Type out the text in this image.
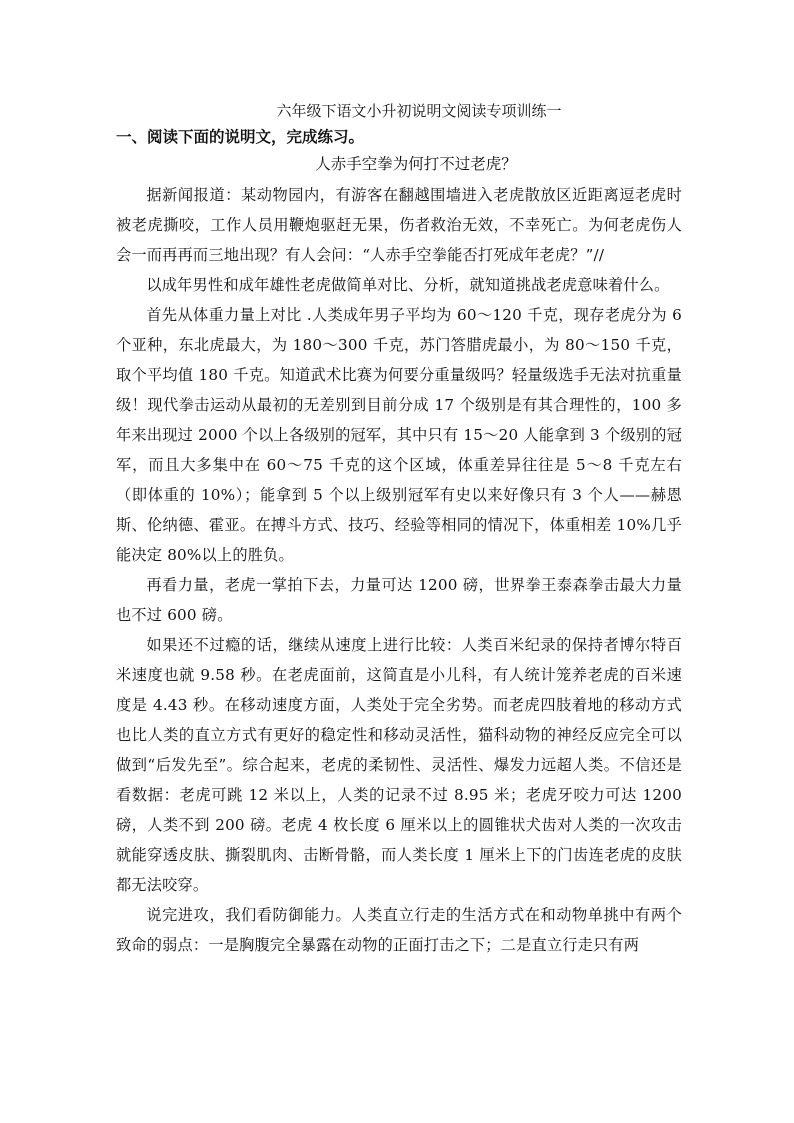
六年级下语文小升初说明文阅读专项训练一
一、阅读下面的说明文，完成练习。
人赤手空拳为何打不过老虎？

据新闻报道：某动物园内，有游客在翻越围墙进入老虎散放区近距离逗老虎时被老虎撕咬，工作人员用鞭炮驱赶无果，伤者救治无效，不幸死亡。为何老虎伤人会一而再再而三地出现？有人会问：“人赤手空拳能否打死成年老虎？”//

以成年男性和成年雄性老虎做简单对比、分析，就知道挑战老虎意味着什么。

首先从体重力量上对比 .人类成年男子平均为 60～120 千克，现存老虎分为 6 个亚种，东北虎最大，为 180～300 千克，苏门答腊虎最小，为 80～150 千克，取个平均值 180 千克。知道武术比赛为何要分重量级吗？轻量级选手无法对抗重量级！现代拳击运动从最初的无差别到目前分成 17 个级别是有其合理性的，100 多年来出现过 2000 个以上各级别的冠军，其中只有 15～20 人能拿到 3 个级别的冠军，而且大多集中在 60～75 千克的这个区域，体重差异往往是 5～8 千克左右（即体重的 10%）；能拿到 5 个以上级别冠军有史以来好像只有 3 个人——赫恩斯、伦纳德、霍亚。在搏斗方式、技巧、经验等相同的情况下，体重相差 10%几乎能决定 80%以上的胜负。

再看力量，老虎一掌拍下去，力量可达 1200 磅，世界拳王泰森拳击最大力量也不过 600 磅。

如果还不过瘾的话，继续从速度上进行比较：人类百米纪录的保持者博尔特百米速度也就 9.58 秒。在老虎面前，这简直是小儿科，有人统计笼养老虎的百米速度是 4.43 秒。在移动速度方面，人类处于完全劣势。而老虎四肢着地的移动方式也比人类的直立方式有更好的稳定性和移动灵活性，猫科动物的神经反应完全可以做到“后发先至”。综合起来，老虎的柔韧性、灵活性、爆发力远超人类。不信还是看数据：老虎可跳 12 米以上，人类的记录不过 8.95 米；老虎牙咬力可达 1200 磅，人类不到 200 磅。老虎 4 枚长度 6 厘米以上的圆锥状犬齿对人类的一次攻击就能穿透皮肤、撕裂肌肉、击断骨骼，而人类长度 1 厘米上下的门齿连老虎的皮肤都无法咬穿。

说完进攻，我们看防御能力。人类直立行走的生活方式在和动物单挑中有两个致命的弱点：一是胸腹完全暴露在动物的正面打击之下；二是直立行走只有两
